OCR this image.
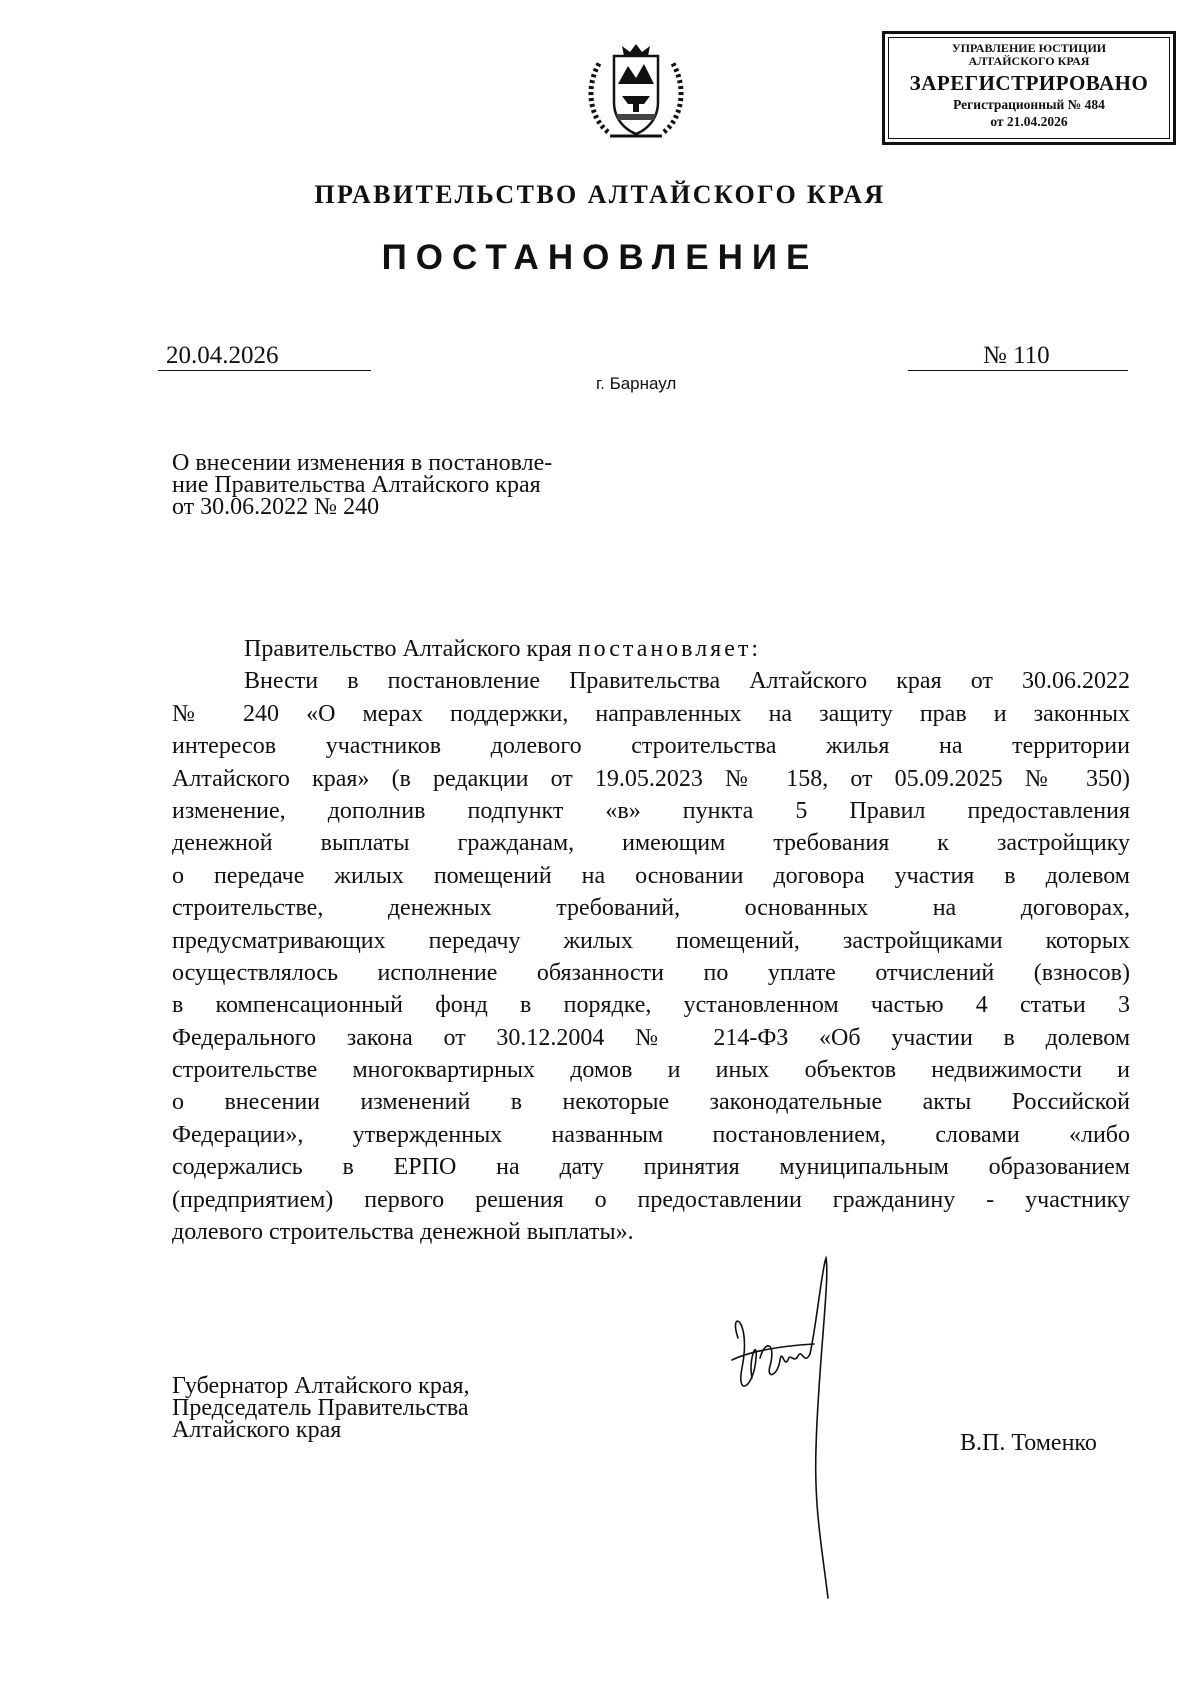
УПРАВЛЕНИЕ ЮСТИЦИИ
АЛТАЙСКОГО КРАЯ
ЗАРЕГИСТРИРОВАНО
Регистрационный № 484
от 21.04.2026
ПРАВИТЕЛЬСТВО АЛТАЙСКОГО КРАЯ
ПОСТАНОВЛЕНИЕ
20.04.2026	№ 110
г. Барнаул
О внесении изменения в постановле-
ние Правительства Алтайского края
от 30.06.2022 № 240
Правительство Алтайского края постановляет:
Внести в постановление Правительства Алтайского края от 30.06.2022
№ 240 «О мерах поддержки, направленных на защиту прав и законных
интересов участников долевого строительства жилья на территории
Алтайского края» (в редакции от 19.05.2023 № 158, от 05.09.2025 № 350)
изменение, дополнив подпункт «в» пункта 5 Правил предоставления
денежной выплаты гражданам, имеющим требования к застройщику
о передаче жилых помещений на основании договора участия в долевом
строительстве, денежных требований, основанных на договорах,
предусматривающих передачу жилых помещений, застройщиками которых
осуществлялось исполнение обязанности по уплате отчислений (взносов)
в компенсационный фонд в порядке, установленном частью 4 статьи 3
Федерального закона от 30.12.2004 № 214-ФЗ «Об участии в долевом
строительстве многоквартирных домов и иных объектов недвижимости и
о внесении изменений в некоторые законодательные акты Российской
Федерации», утвержденных названным постановлением, словами «либо
содержались в ЕРПО на дату принятия муниципальным образованием
(предприятием) первого решения о предоставлении гражданину - участнику
долевого строительства денежной выплаты».
Губернатор Алтайского края,
Председатель Правительства
Алтайского края	В.П. Томенко
